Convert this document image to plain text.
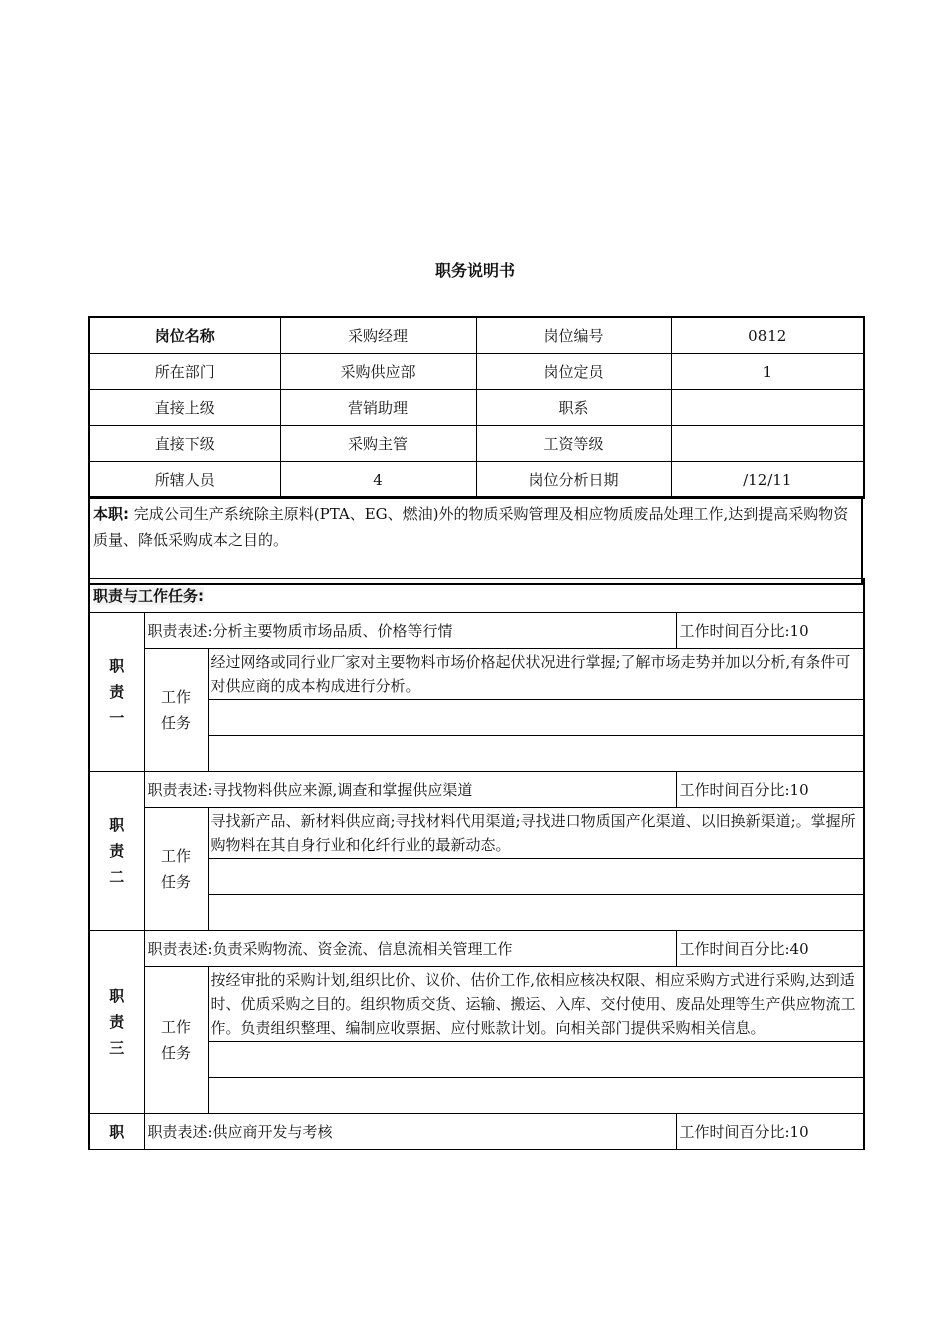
职务说明书
岗位名称	采购经理	岗位编号	0812
所在部门	采购供应部	岗位定员	1
直接上级	营销助理	职系	
直接下级	采购主管	工资等级	
所辖人员	4	岗位分析日期	/12/11
本职: 完成公司生产系统除主原料(PTA、EG、燃油)外的物质采购管理及相应物质废品处理工作,达到提高采购物资质量、降低采购成本之目的。
职责与工作任务:			

职责一	职责表述:分析主要物质市场品质、价格等行情		工作时间百分比:10

	工作任务	经过网络或同行业厂家对主要物料市场价格起伏状况进行掌握;了解市场走势并加以分析,有条件可对供应商的成本构成进行分析。	

职责二	职责表述:寻找物料供应来源,调查和掌握供应渠道		工作时间百分比:10

	工作任务	寻找新产品、新材料供应商;寻找材料代用渠道;寻找进口物质国产化渠道、以旧换新渠道;。掌握所购物料在其自身行业和化纤行业的最新动态。	

职责三	职责表述:负责采购物流、资金流、信息流相关管理工作		工作时间百分比:40

	工作任务	按经审批的采购计划,组织比价、议价、估价工作,依相应核决权限、相应采购方式进行采购,达到适时、优质采购之目的。组织物质交货、运输、搬运、入库、交付使用、废品处理等生产供应物流工作。负责组织整理、编制应收票据、应付账款计划。向相关部门提供采购相关信息。	

职	职责表述:供应商开发与考核		工作时间百分比:10
